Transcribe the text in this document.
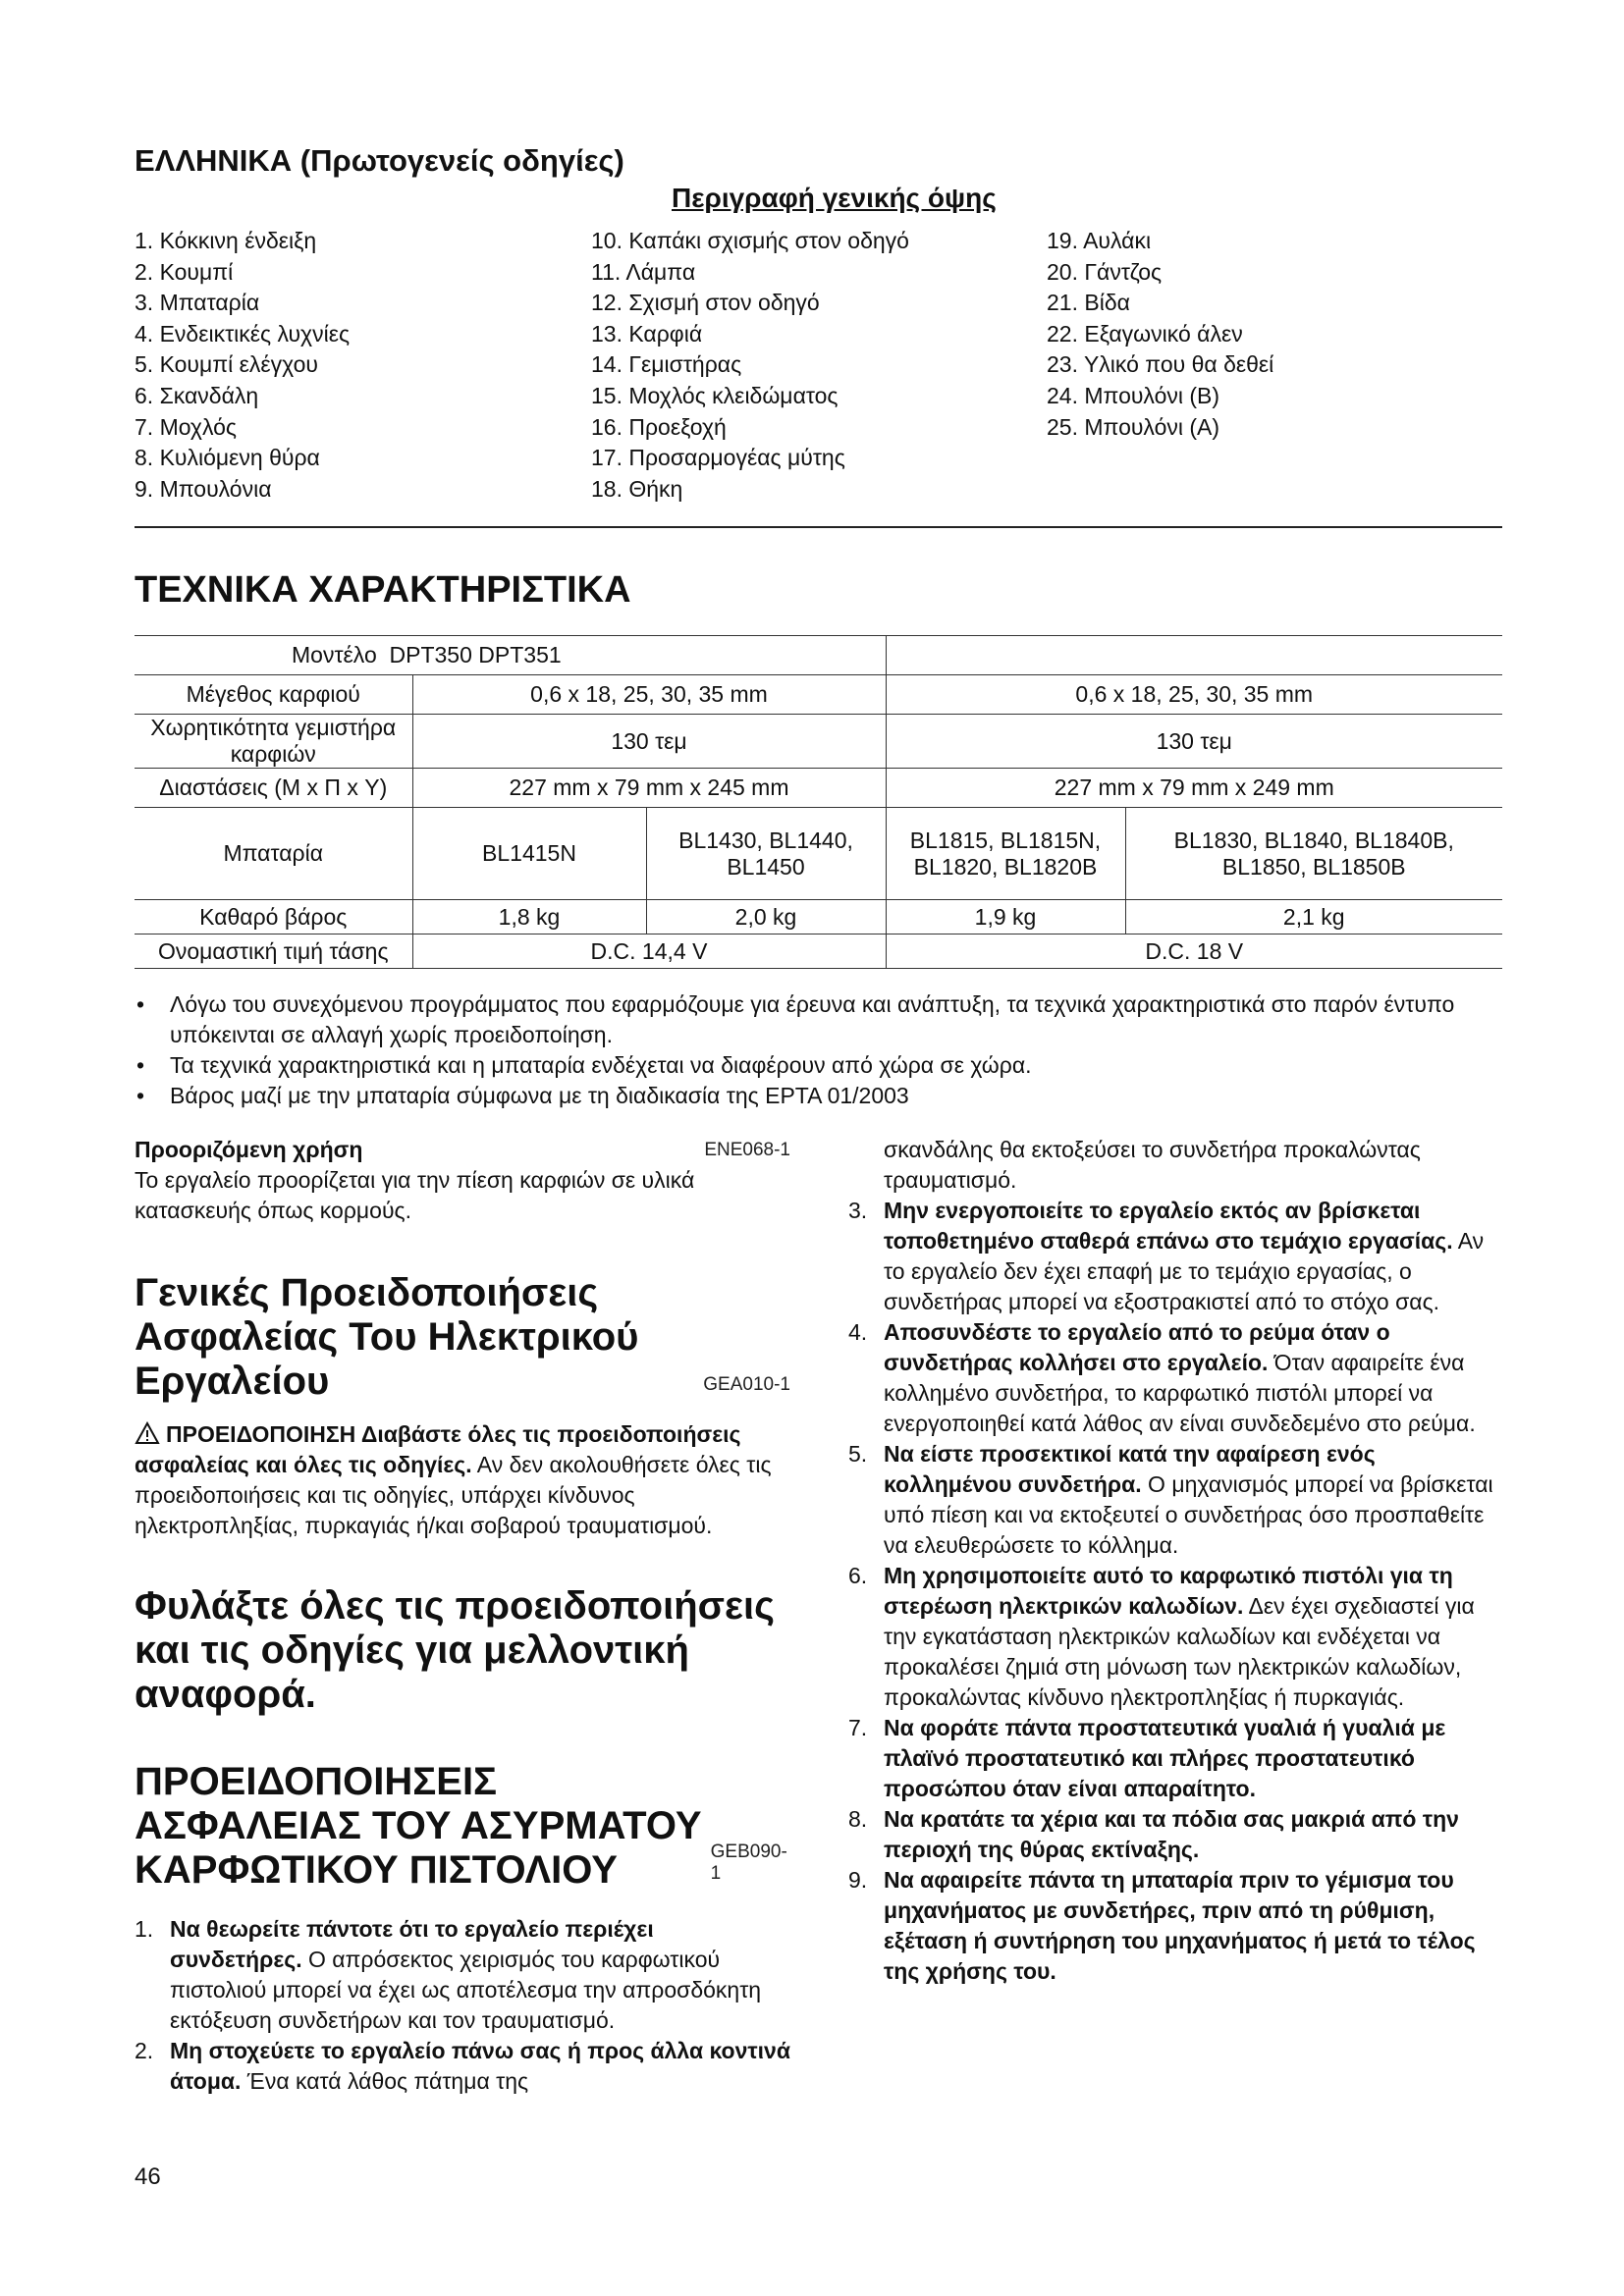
ΕΛΛΗΝΙΚΑ (Πρωτογενείς οδηγίες)
Περιγραφή γενικής όψης
1. Κόκκινη ένδειξη
2. Κουμπί
3. Μπαταρία
4. Ενδεικτικές λυχνίες
5. Κουμπί ελέγχου
6. Σκανδάλη
7. Μοχλός
8. Κυλιόμενη θύρα
9. Μπουλόνια
10. Καπάκι σχισμής στον οδηγό
11. Λάμπα
12. Σχισμή στον οδηγό
13. Καρφιά
14. Γεμιστήρας
15. Μοχλός κλειδώματος
16. Προεξοχή
17. Προσαρμογέας μύτης
18. Θήκη
19. Αυλάκι
20. Γάντζος
21. Βίδα
22. Εξαγωνικό άλεν
23. Υλικό που θα δεθεί
24. Μπουλόνι (Β)
25. Μπουλόνι (Α)
ΤΕΧΝΙΚΑ ΧΑΡΑΚΤΗΡΙΣΤΙΚΑ
Μοντέλο DPT350 DPT351				
Μέγεθος καρφιού	0,6 x 18, 25, 30, 35 mm		0,6 x 18, 25, 30, 35 mm	
Χωρητικότητα γεμιστήρα καρφιών	130 τεμ		130 τεμ	
Διαστάσεις (Μ x Π x Υ)	227 mm x 79 mm x 245 mm		227 mm x 79 mm x 249 mm	
Μπαταρία	BL1415N	BL1430, BL1440, BL1450	BL1815, BL1815N, BL1820, BL1820B	BL1830, BL1840, BL1840B, BL1850, BL1850B
Καθαρό βάρος	1,8 kg	2,0 kg	1,9 kg	2,1 kg
Ονομαστική τιμή τάσης	D.C. 14,4 V		D.C. 18 V	
• Λόγω του συνεχόμενου προγράμματος που εφαρμόζουμε για έρευνα και ανάπτυξη, τα τεχνικά χαρακτηριστικά στο παρόν έντυπο υπόκεινται σε αλλαγή χωρίς προειδοποίηση.
• Τα τεχνικά χαρακτηριστικά και η μπαταρία ενδέχεται να διαφέρουν από χώρα σε χώρα.
• Βάρος μαζί με την μπαταρία σύμφωνα με τη διαδικασία της EPTA 01/2003
Προοριζόμενη χρήση	ENE068-1

Το εργαλείο προορίζεται για την πίεση καρφιών σε υλικά κατασκευής όπως κορμούς.

Γενικές Προειδοποιήσεις Ασφαλείας Του Ηλεκτρικού Εργαλείου	GEA010-1

ΠΡΟΕΙΔΟΠΟΙΗΣΗ Διαβάστε όλες τις προειδοποιήσεις ασφαλείας και όλες τις οδηγίες. Αν δεν ακολουθήσετε όλες τις προειδοποιήσεις και τις οδηγίες, υπάρχει κίνδυνος ηλεκτροπληξίας, πυρκαγιάς ή/και σοβαρού τραυματισμού.

Φυλάξτε όλες τις προειδοποιήσεις και τις οδηγίες για μελλοντική αναφορά.
ΠΡΟΕΙΔΟΠΟΙΗΣΕΙΣ ΑΣΦΑΛΕΙΑΣ ΤΟΥ ΑΣΥΡΜΑΤΟΥ ΚΑΡΦΩΤΙΚΟΥ ΠΙΣΤΟΛΙΟΥ	GEB090-1
1. Να θεωρείτε πάντοτε ότι το εργαλείο περιέχει συνδετήρες. Ο απρόσεκτος χειρισμός του καρφωτικού πιστολιού μπορεί να έχει ως αποτέλεσμα την απροσδόκητη εκτόξευση συνδετήρων και τον τραυματισμό.
2. Μη στοχεύετε το εργαλείο πάνω σας ή προς άλλα κοντινά άτομα. Ένα κατά λάθος πάτημα της

σκανδάλης θα εκτοξεύσει το συνδετήρα προκαλώντας τραυματισμό.

3. Μην ενεργοποιείτε το εργαλείο εκτός αν βρίσκεται τοποθετημένο σταθερά επάνω στο τεμάχιο εργασίας. Αν το εργαλείο δεν έχει επαφή με το τεμάχιο εργασίας, ο συνδετήρας μπορεί να εξοστρακιστεί από το στόχο σας.
4. Αποσυνδέστε το εργαλείο από το ρεύμα όταν ο συνδετήρας κολλήσει στο εργαλείο. Όταν αφαιρείτε ένα κολλημένο συνδετήρα, το καρφωτικό πιστόλι μπορεί να ενεργοποιηθεί κατά λάθος αν είναι συνδεδεμένο στο ρεύμα.
5. Να είστε προσεκτικοί κατά την αφαίρεση ενός κολλημένου συνδετήρα. Ο μηχανισμός μπορεί να βρίσκεται υπό πίεση και να εκτοξευτεί ο συνδετήρας όσο προσπαθείτε να ελευθερώσετε το κόλλημα.
6. Μη χρησιμοποιείτε αυτό το καρφωτικό πιστόλι για τη στερέωση ηλεκτρικών καλωδίων. Δεν έχει σχεδιαστεί για την εγκατάσταση ηλεκτρικών καλωδίων και ενδέχεται να προκαλέσει ζημιά στη μόνωση των ηλεκτρικών καλωδίων, προκαλώντας κίνδυνο ηλεκτροπληξίας ή πυρκαγιάς.
7. Να φοράτε πάντα προστατευτικά γυαλιά ή γυαλιά με πλαϊνό προστατευτικό και πλήρες προστατευτικό προσώπου όταν είναι απαραίτητο.
8. Να κρατάτε τα χέρια και τα πόδια σας μακριά από την περιοχή της θύρας εκτίναξης.
9. Να αφαιρείτε πάντα τη μπαταρία πριν το γέμισμα του μηχανήματος με συνδετήρες, πριν από τη ρύθμιση, εξέταση ή συντήρηση του μηχανήματος ή μετά το τέλος της χρήσης του.
46
